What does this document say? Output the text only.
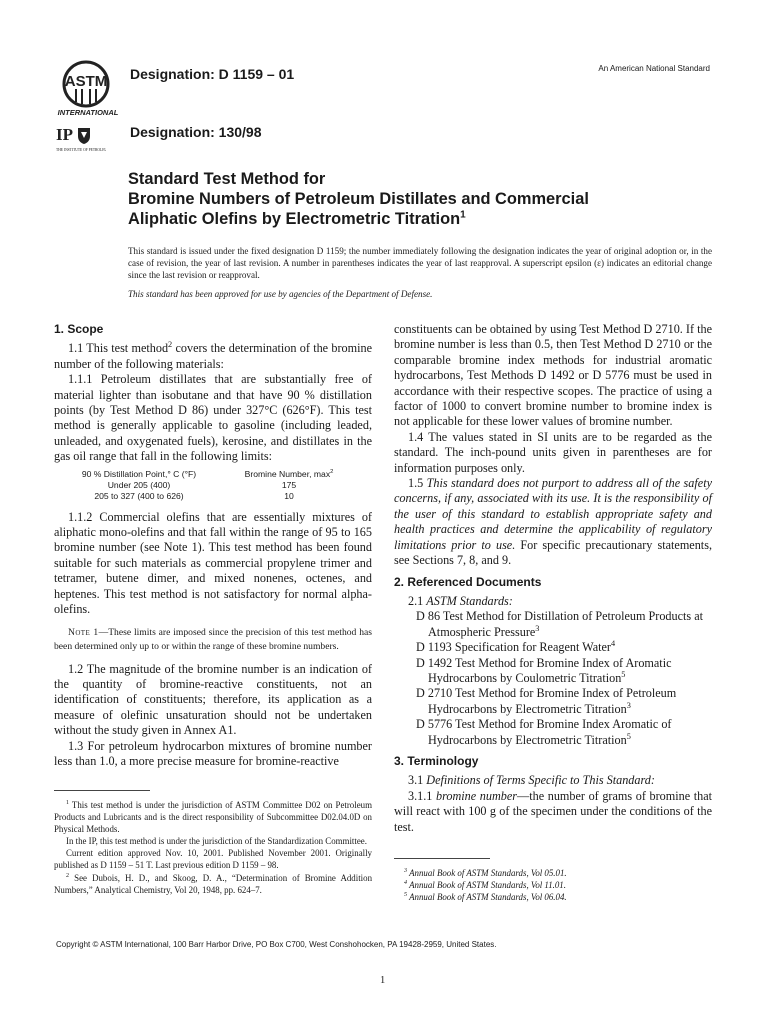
ASTM
INTERNATIONAL
IP
THE INSTITUTE OF PETROLEUM
Designation: D 1159 – 01
Designation: 130/98
An American National Standard
Standard Test Method for
Bromine Numbers of Petroleum Distillates and Commercial
Aliphatic Olefins by Electrometric Titration$^1$
This standard is issued under the fixed designation D 1159; the number immediately following the designation indicates the year of original adoption or, in the case of revision, the year of last revision. A number in parentheses indicates the year of last reapproval. A superscript epsilon (ε) indicates an editorial change since the last revision or reapproval.
This standard has been approved for use by agencies of the Department of Defense.
1. Scope

1.1 This test method$^2$ covers the determination of the bromine number of the following materials:

1.1.1 Petroleum distillates that are substantially free of material lighter than isobutane and that have 90 % distillation points (by Test Method D 86) under 327°C (626°F). This test method is generally applicable to gasoline (including leaded, unleaded, and oxygenated fuels), kerosine, and distillates in the gas oil range that fall in the following limits:

90 % Distillation Point,° C (°F)	Bromine Number, $\max^2$
Under 205 (400)	175
205 to 327 (400 to 626)	10

1.1.2 Commercial olefins that are essentially mixtures of aliphatic mono-olefins and that fall within the range of 95 to 165 bromine number (see Note 1). This test method has been found suitable for such materials as commercial propylene trimer and tetramer, butene dimer, and mixed nonenes, octenes, and heptenes. This test method is not satisfactory for normal alpha-olefins.

Note 1—These limits are imposed since the precision of this test method has been determined only up to or within the range of these bromine numbers.

1.2 The magnitude of the bromine number is an indication of the quantity of bromine-reactive constituents, not an identification of constituents; therefore, its application as a measure of olefinic unsaturation should not be undertaken without the study given in Annex A1.

1.3 For petroleum hydrocarbon mixtures of bromine number less than 1.0, a more precise measure for bromine-reactive

constituents can be obtained by using Test Method D 2710. If the bromine number is less than 0.5, then Test Method D 2710 or the comparable bromine index methods for industrial aromatic hydrocarbons, Test Methods D 1492 or D 5776 must be used in accordance with their respective scopes. The practice of using a factor of 1000 to convert bromine number to bromine index is not applicable for these lower values of bromine number.

1.4 The values stated in SI units are to be regarded as the standard. The inch-pound units given in parentheses are for information purposes only.

1.5 This standard does not purport to address all of the safety concerns, if any, associated with its use. It is the responsibility of the user of this standard to establish appropriate safety and health practices and determine the applicability of regulatory limitations prior to use. For specific precautionary statements, see Sections 7, 8, and 9.

2. Referenced Documents

2.1 ASTM Standards:

D 86 Test Method for Distillation of Petroleum Products at Atmospheric Pressure$^3$
D 1193 Specification for Reagent Water$^4$
D 1492 Test Method for Bromine Index of Aromatic Hydrocarbons by Coulometric Titration$^5$
D 2710 Test Method for Bromine Index of Petroleum Hydrocarbons by Electrometric Titration$^3$
D 5776 Test Method for Bromine Index Aromatic of Hydrocarbons by Electrometric Titration$^5$
3. Terminology

3.1 Definitions of Terms Specific to This Standard:

3.1.1 bromine number—the number of grams of bromine that will react with 100 g of the specimen under the conditions of the test.

$^1$ This test method is under the jurisdiction of ASTM Committee D02 on Petroleum Products and Lubricants and is the direct responsibility of Subcommittee D02.04.0D on Physical Methods.

In the IP, this test method is under the jurisdiction of the Standardization Committee.

Current edition approved Nov. 10, 2001. Published November 2001. Originally published as D 1159 – 51 T. Last previous edition D 1159 – 98.

$^2$ See Dubois, H. D., and Skoog, D. A., “Determination of Bromine Addition Numbers,” Analytical Chemistry, Vol 20, 1948, pp. 624–7.

$^3$ Annual Book of ASTM Standards, Vol 05.01.

$^4$ Annual Book of ASTM Standards, Vol 11.01.

$^5$ Annual Book of ASTM Standards, Vol 06.04.

Copyright © ASTM International, 100 Barr Harbor Drive, PO Box C700, West Conshohocken, PA 19428-2959, United States.
1
